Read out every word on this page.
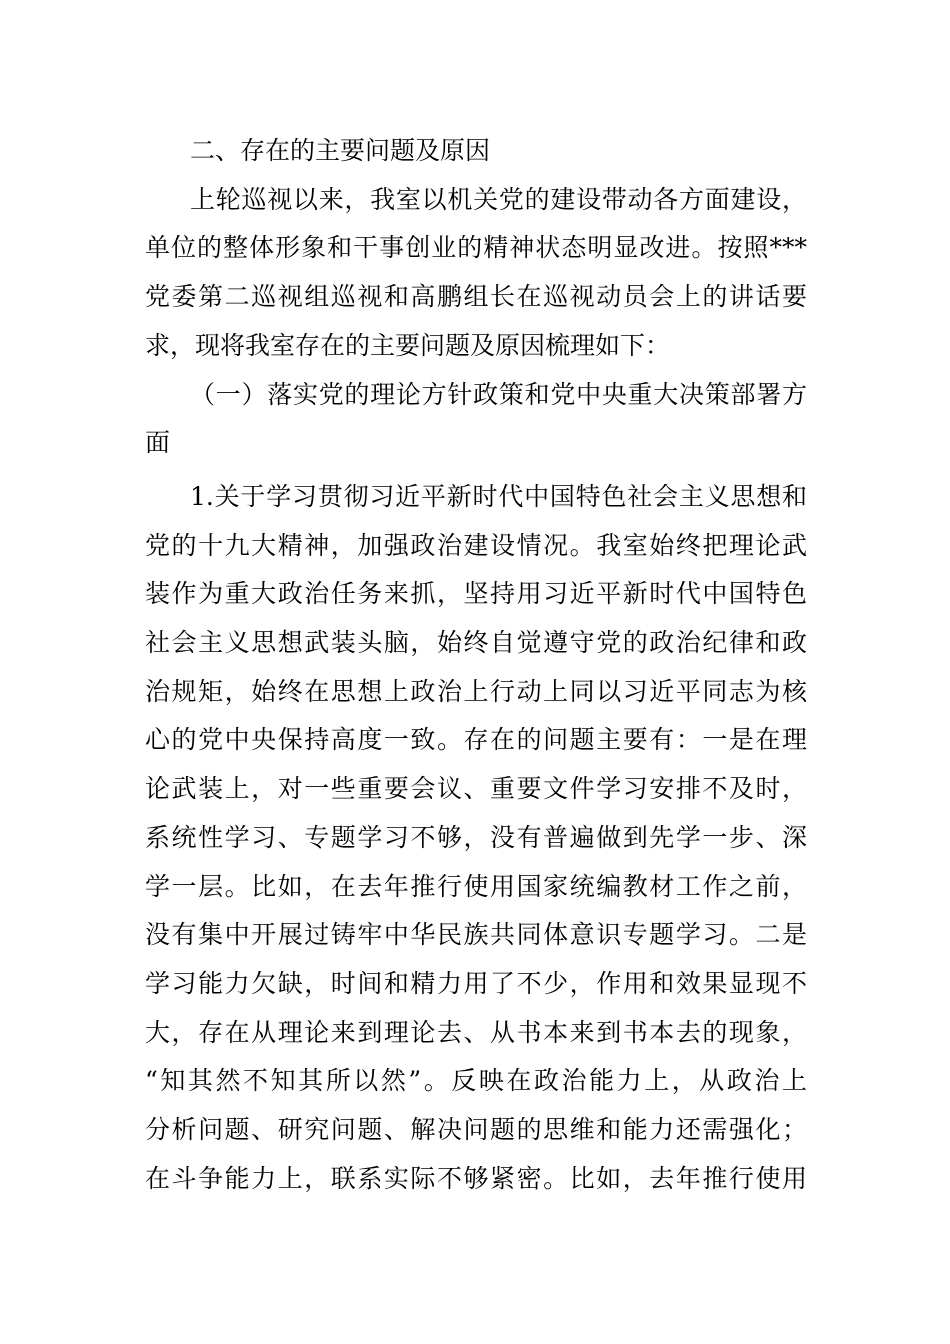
二、存在的主要问题及原因
上轮巡视以来，我室以机关党的建设带动各方面建设，
单位的整体形象和干事创业的精神状态明显改进。按照***
党委第二巡视组巡视和高鹏组长在巡视动员会上的讲话要
求，现将我室存在的主要问题及原因梳理如下：
（一）落实党的理论方针政策和党中央重大决策部署方
面
1.关于学习贯彻习近平新时代中国特色社会主义思想和
党的十九大精神，加强政治建设情况。我室始终把理论武
装作为重大政治任务来抓，坚持用习近平新时代中国特色
社会主义思想武装头脑，始终自觉遵守党的政治纪律和政
治规矩，始终在思想上政治上行动上同以习近平同志为核
心的党中央保持高度一致。存在的问题主要有：一是在理
论武装上，对一些重要会议、重要文件学习安排不及时，
系统性学习、专题学习不够，没有普遍做到先学一步、深
学一层。比如，在去年推行使用国家统编教材工作之前，
没有集中开展过铸牢中华民族共同体意识专题学习。二是
学习能力欠缺，时间和精力用了不少，作用和效果显现不
大，存在从理论来到理论去、从书本来到书本去的现象，
“知其然不知其所以然”。反映在政治能力上，从政治上
分析问题、研究问题、解决问题的思维和能力还需强化；
在斗争能力上，联系实际不够紧密。比如，去年推行使用
